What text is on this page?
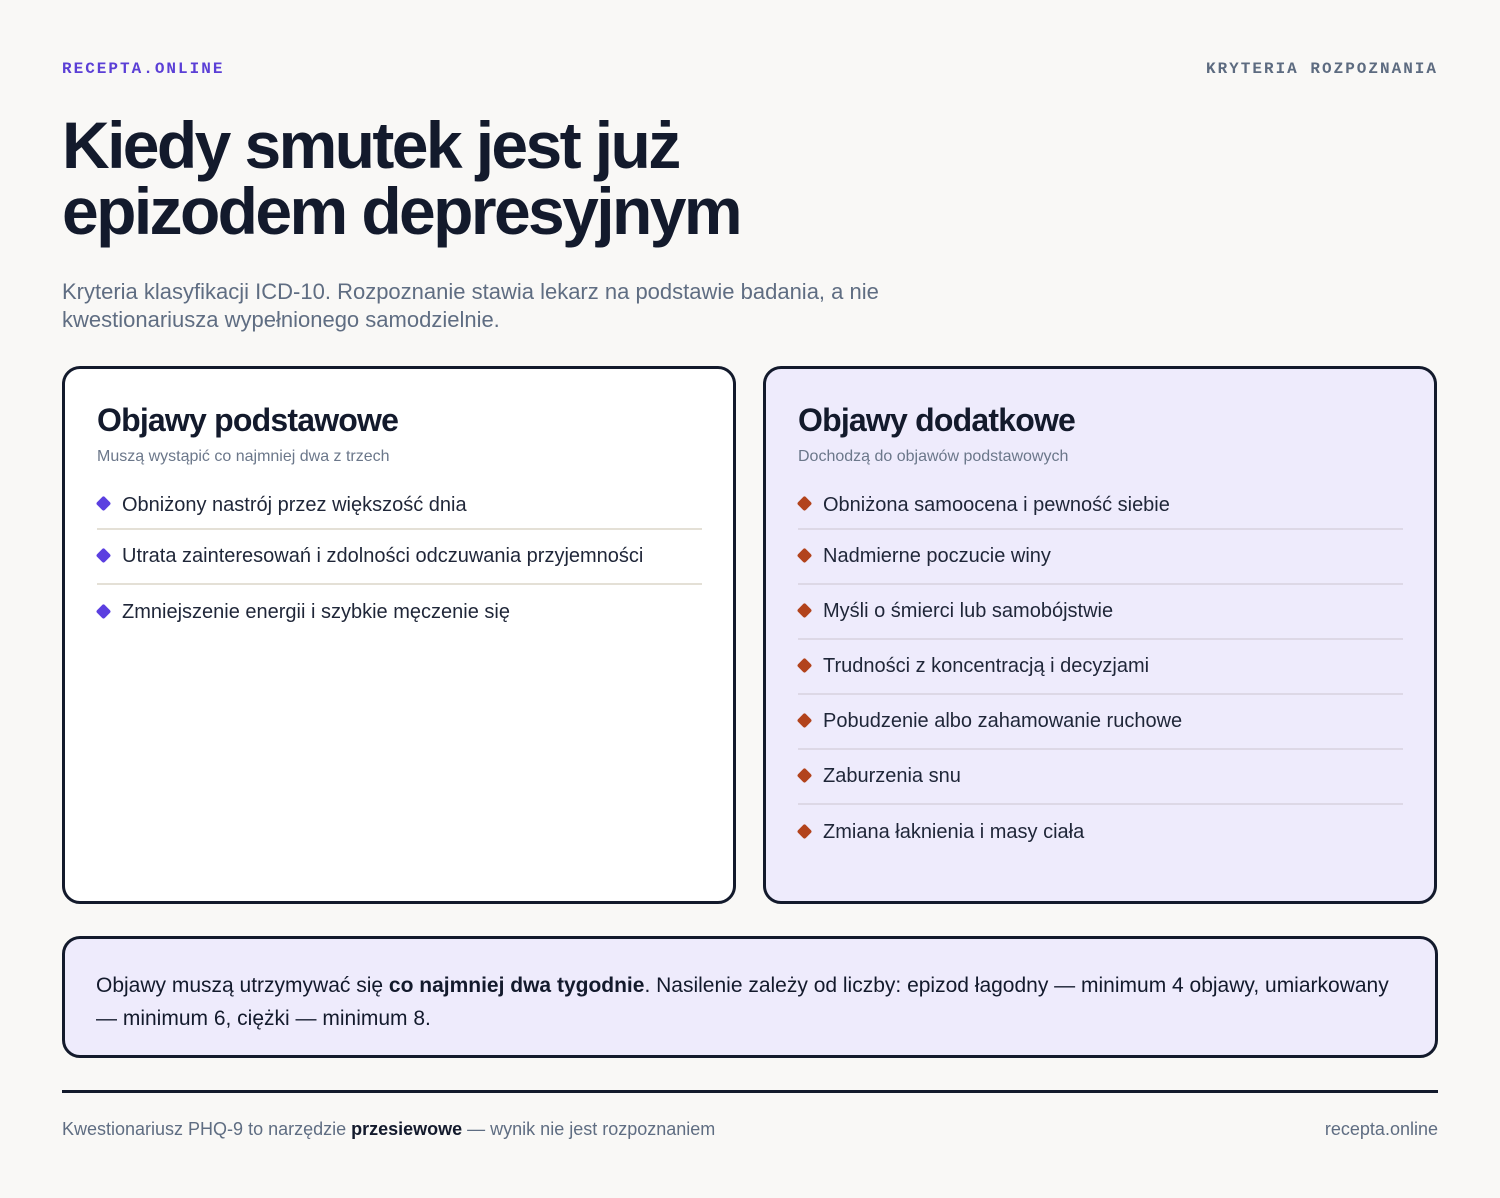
RECEPTA.ONLINE	KRYTERIA ROZPOZNANIA
Kiedy smutek jest już
epizodem depresyjnym

Kryteria klasyfikacji ICD-10. Rozpoznanie stawia lekarz na podstawie badania, a nie
kwestionariusza wypełnionego samodzielnie.

Objawy podstawowe

Muszą wystąpić co najmniej dwa z trzech

Obniżony nastrój przez większość dnia
Utrata zainteresowań i zdolności odczuwania przyjemności
Zmniejszenie energii i szybkie męczenie się
Objawy dodatkowe

Dochodzą do objawów podstawowych

Obniżona samoocena i pewność siebie
Nadmierne poczucie winy
Myśli o śmierci lub samobójstwie
Trudności z koncentracją i decyzjami
Pobudzenie albo zahamowanie ruchowe
Zaburzenia snu
Zmiana łaknienia i masy ciała
Objawy muszą utrzymywać się co najmniej dwa tygodnie. Nasilenie zależy od liczby: epizod łagodny — minimum 4 objawy, umiarkowany — minimum 6, ciężki — minimum 8.
Kwestionariusz PHQ-9 to narzędzie przesiewowe — wynik nie jest rozpoznaniem	recepta.online
